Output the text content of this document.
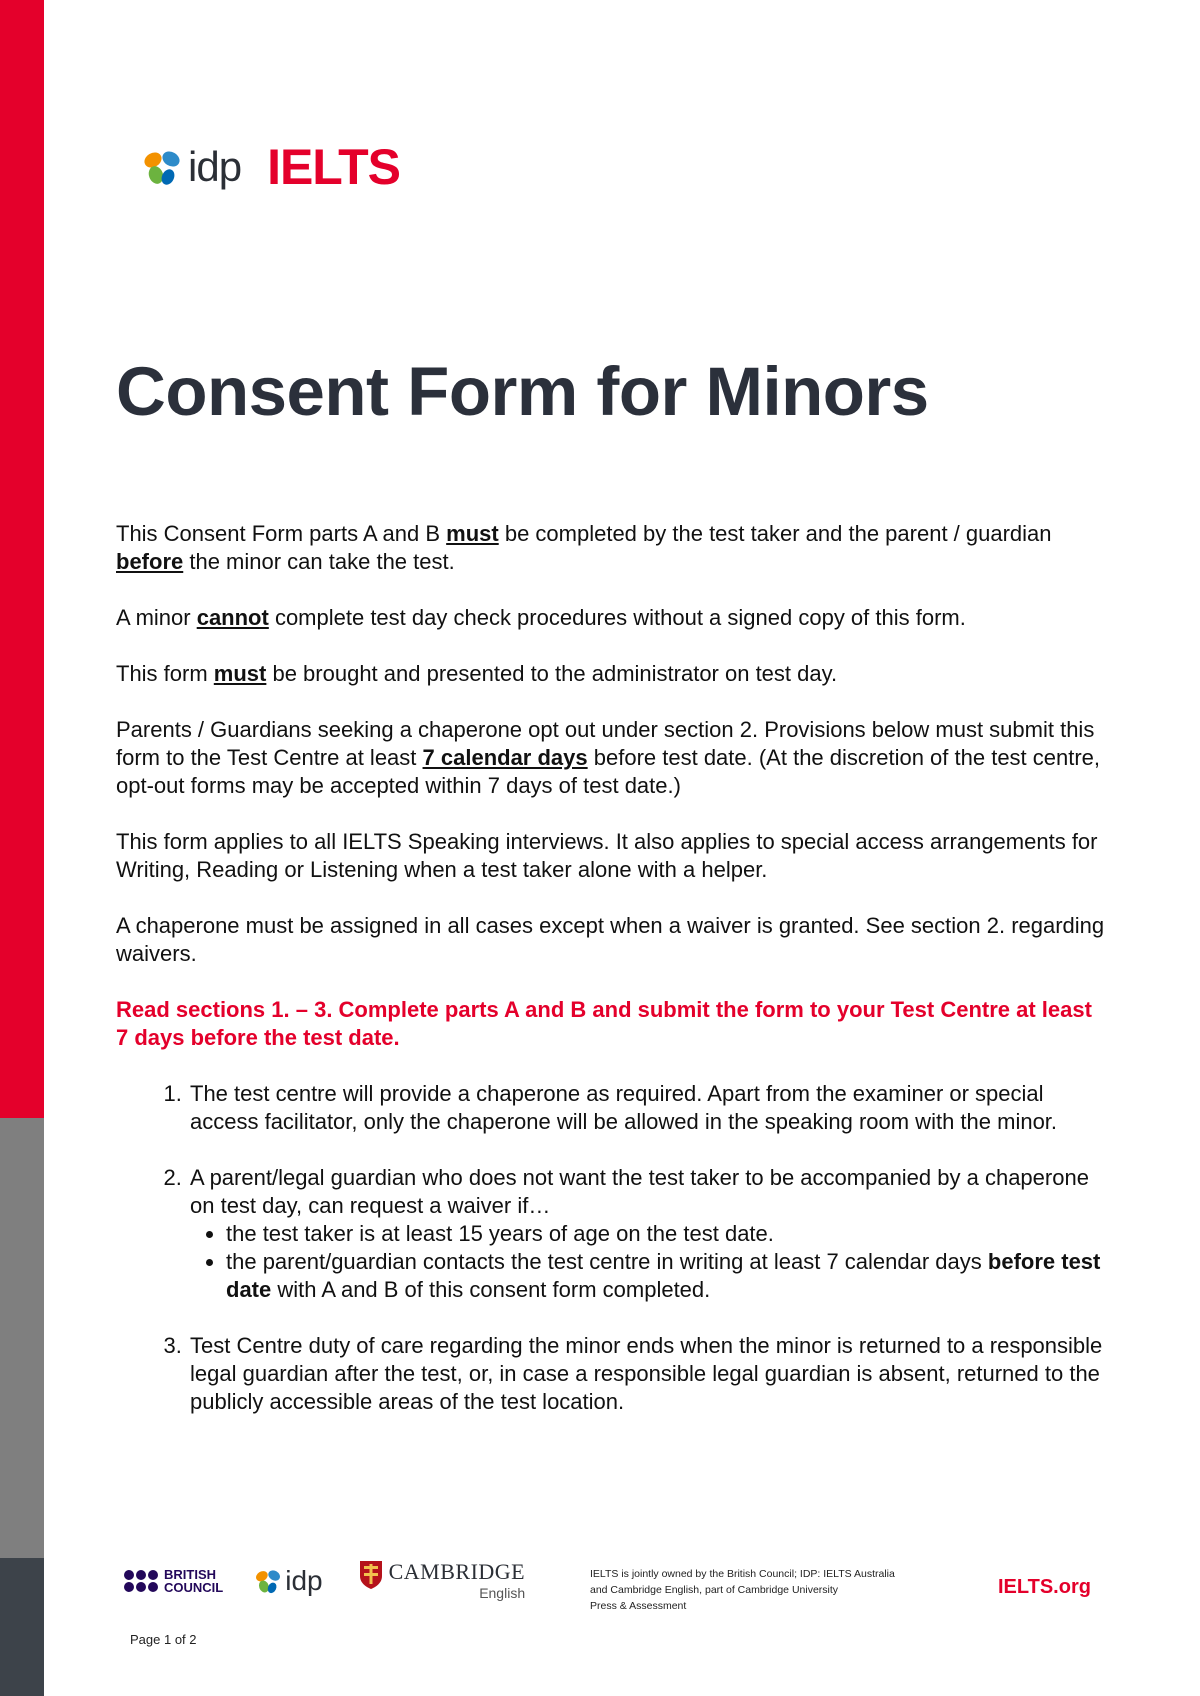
idp IELTS
Consent Form for Minors

This Consent Form parts A and B must be completed by the test taker and the parent / guardian before the minor can take the test.

A minor cannot complete test day check procedures without a signed copy of this form.

This form must be brought and presented to the administrator on test day.

Parents / Guardians seeking a chaperone opt out under section 2. Provisions below must submit this form to the Test Centre at least 7 calendar days before test date. (At the discretion of the test centre, opt-out forms may be accepted within 7 days of test date.)

This form applies to all IELTS Speaking interviews. It also applies to special access arrangements for Writing, Reading or Listening when a test taker alone with a helper.

A chaperone must be assigned in all cases except when a waiver is granted. See section 2. regarding waivers.

Read sections 1. – 3. Complete parts A and B and submit the form to your Test Centre at least 7 days before the test date.

1. The test centre will provide a chaperone as required. Apart from the examiner or special access facilitator, only the chaperone will be allowed in the speaking room with the minor.
2. A parent/legal guardian who does not want the test taker to be accompanied by a chaperone on test day, can request a waiver if…
• the test taker is at least 15 years of age on the test date.
• the parent/guardian contacts the test centre in writing at least 7 calendar days before test date with A and B of this consent form completed.
3. Test Centre duty of care regarding the minor ends when the minor is returned to a responsible legal guardian after the test, or, in case a responsible legal guardian is absent, returned to the publicly accessible areas of the test location.
BRITISH
COUNCIL idp	CAMBRIDGE
English
IELTS is jointly owned by the British Council; IDP: IELTS Australia
and Cambridge English, part of Cambridge University
Press & Assessment
IELTS.org
Page 1 of 2
